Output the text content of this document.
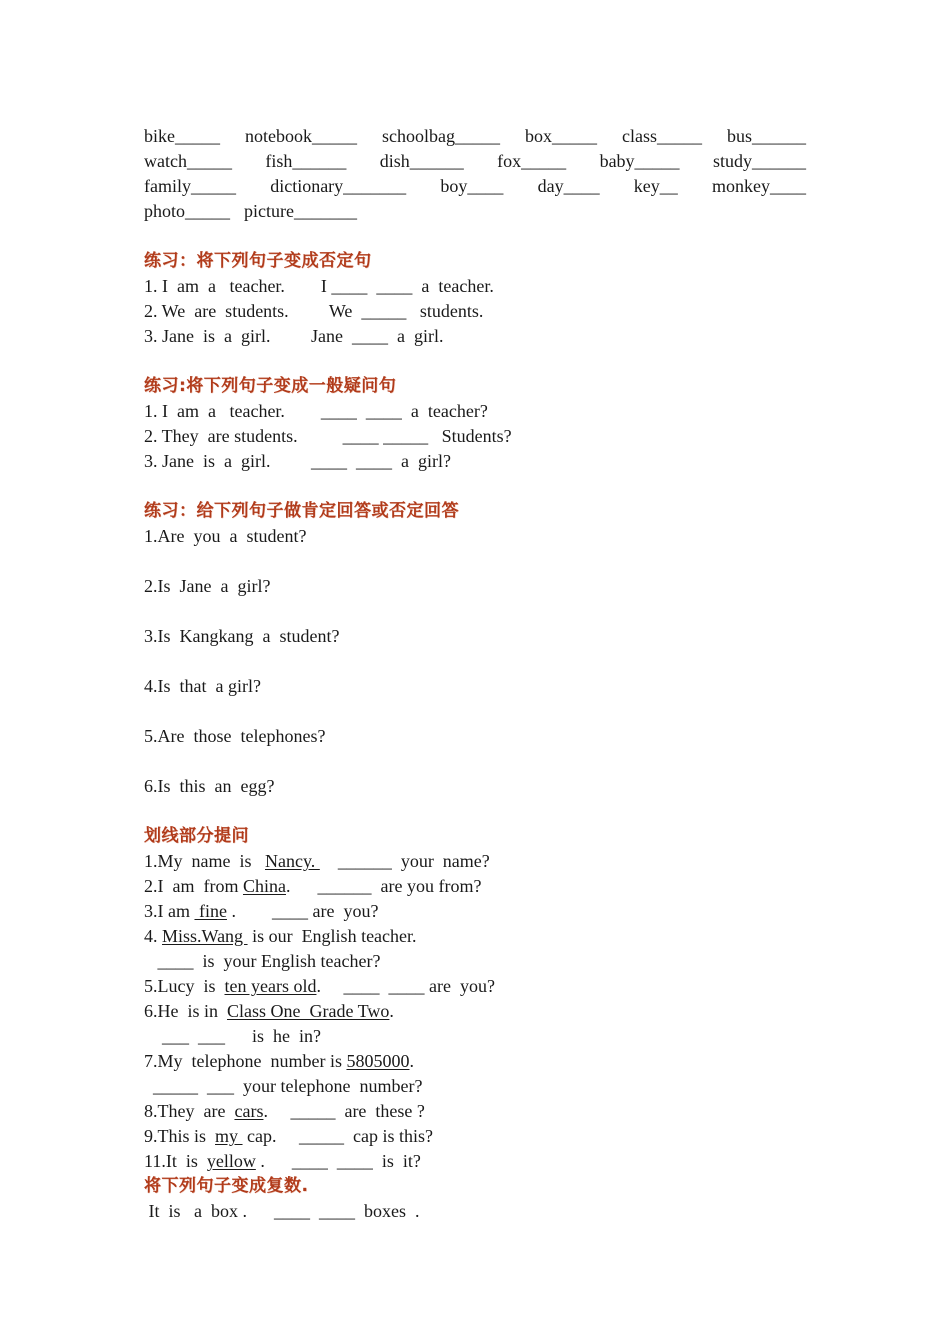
bike_____ notebook_____ schoolbag_____ box_____ class_____ bus______
watch_____ fish______ dish______ fox_____ baby_____ study______
family_____ dictionary_______ boy____ day____ key__ monkey____
photo_____ picture_______
练习：将下列句子变成否定句
1. I  am  a   teacher.        I ____  ____  a  teacher.
2. We  are  students.         We  _____   students.
3. Jane  is  a  girl.         Jane  ____  a  girl.
练习:将下列句子变成一般疑问句
1. I  am  a   teacher.        ____  ____  a  teacher?
2. They  are students.          ____ _____   Students?
3. Jane  is  a  girl.         ____  ____  a  girl?
练习：给下列句子做肯定回答或否定回答
1.Are  you  a  student?
2.Is  Jane  a  girl?
3.Is  Kangkang  a  student?
4.Is  that  a girl?
5.Are  those  telephones?
6.Is  this  an  egg?
划线部分提问
1.My  name  is   Nancy.     ______  your  name?
2.I  am  from China.      ______  are you from?
3.I am  fine .        ____ are  you?
4. Miss.Wang  is our  English teacher.
____  is  your English teacher?
5.Lucy  is  ten years old.     ____  ____ are  you?
6.He  is in  Class One  Grade Two.
___  ___      is  he  in?
7.My  telephone  number is 5805000.
_____  ___  your telephone  number?
8.They  are  cars.     _____  are  these ?
9.This is  my  cap.     _____  cap is this?
11.It  is  yellow .      ____  ____  is  it?
将下列句子变成复数.
It  is   a  box .      ____  ____  boxes  .
